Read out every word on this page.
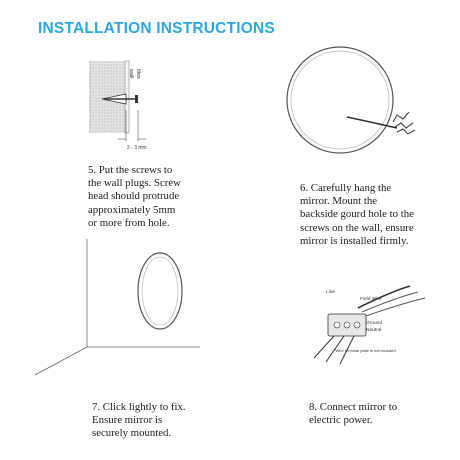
INSTALLATION INSTRUCTIONS
wall tiles
2 - 3 mm
Line
Field Wire
Ground
Neutral
*Wire terminal plate is not included
5. Put the screws to
the wall plugs. Screw
head should protrude
approximately 5mm
or more from hole.
6. Carefully hang the
mirror. Mount the
backside gourd hole to the
screws on the wall, ensure
mirror is installed firmly.
7. Click lightly to fix.
Ensure mirror is
securely mounted.
8. Connect mirror to
electric power.
